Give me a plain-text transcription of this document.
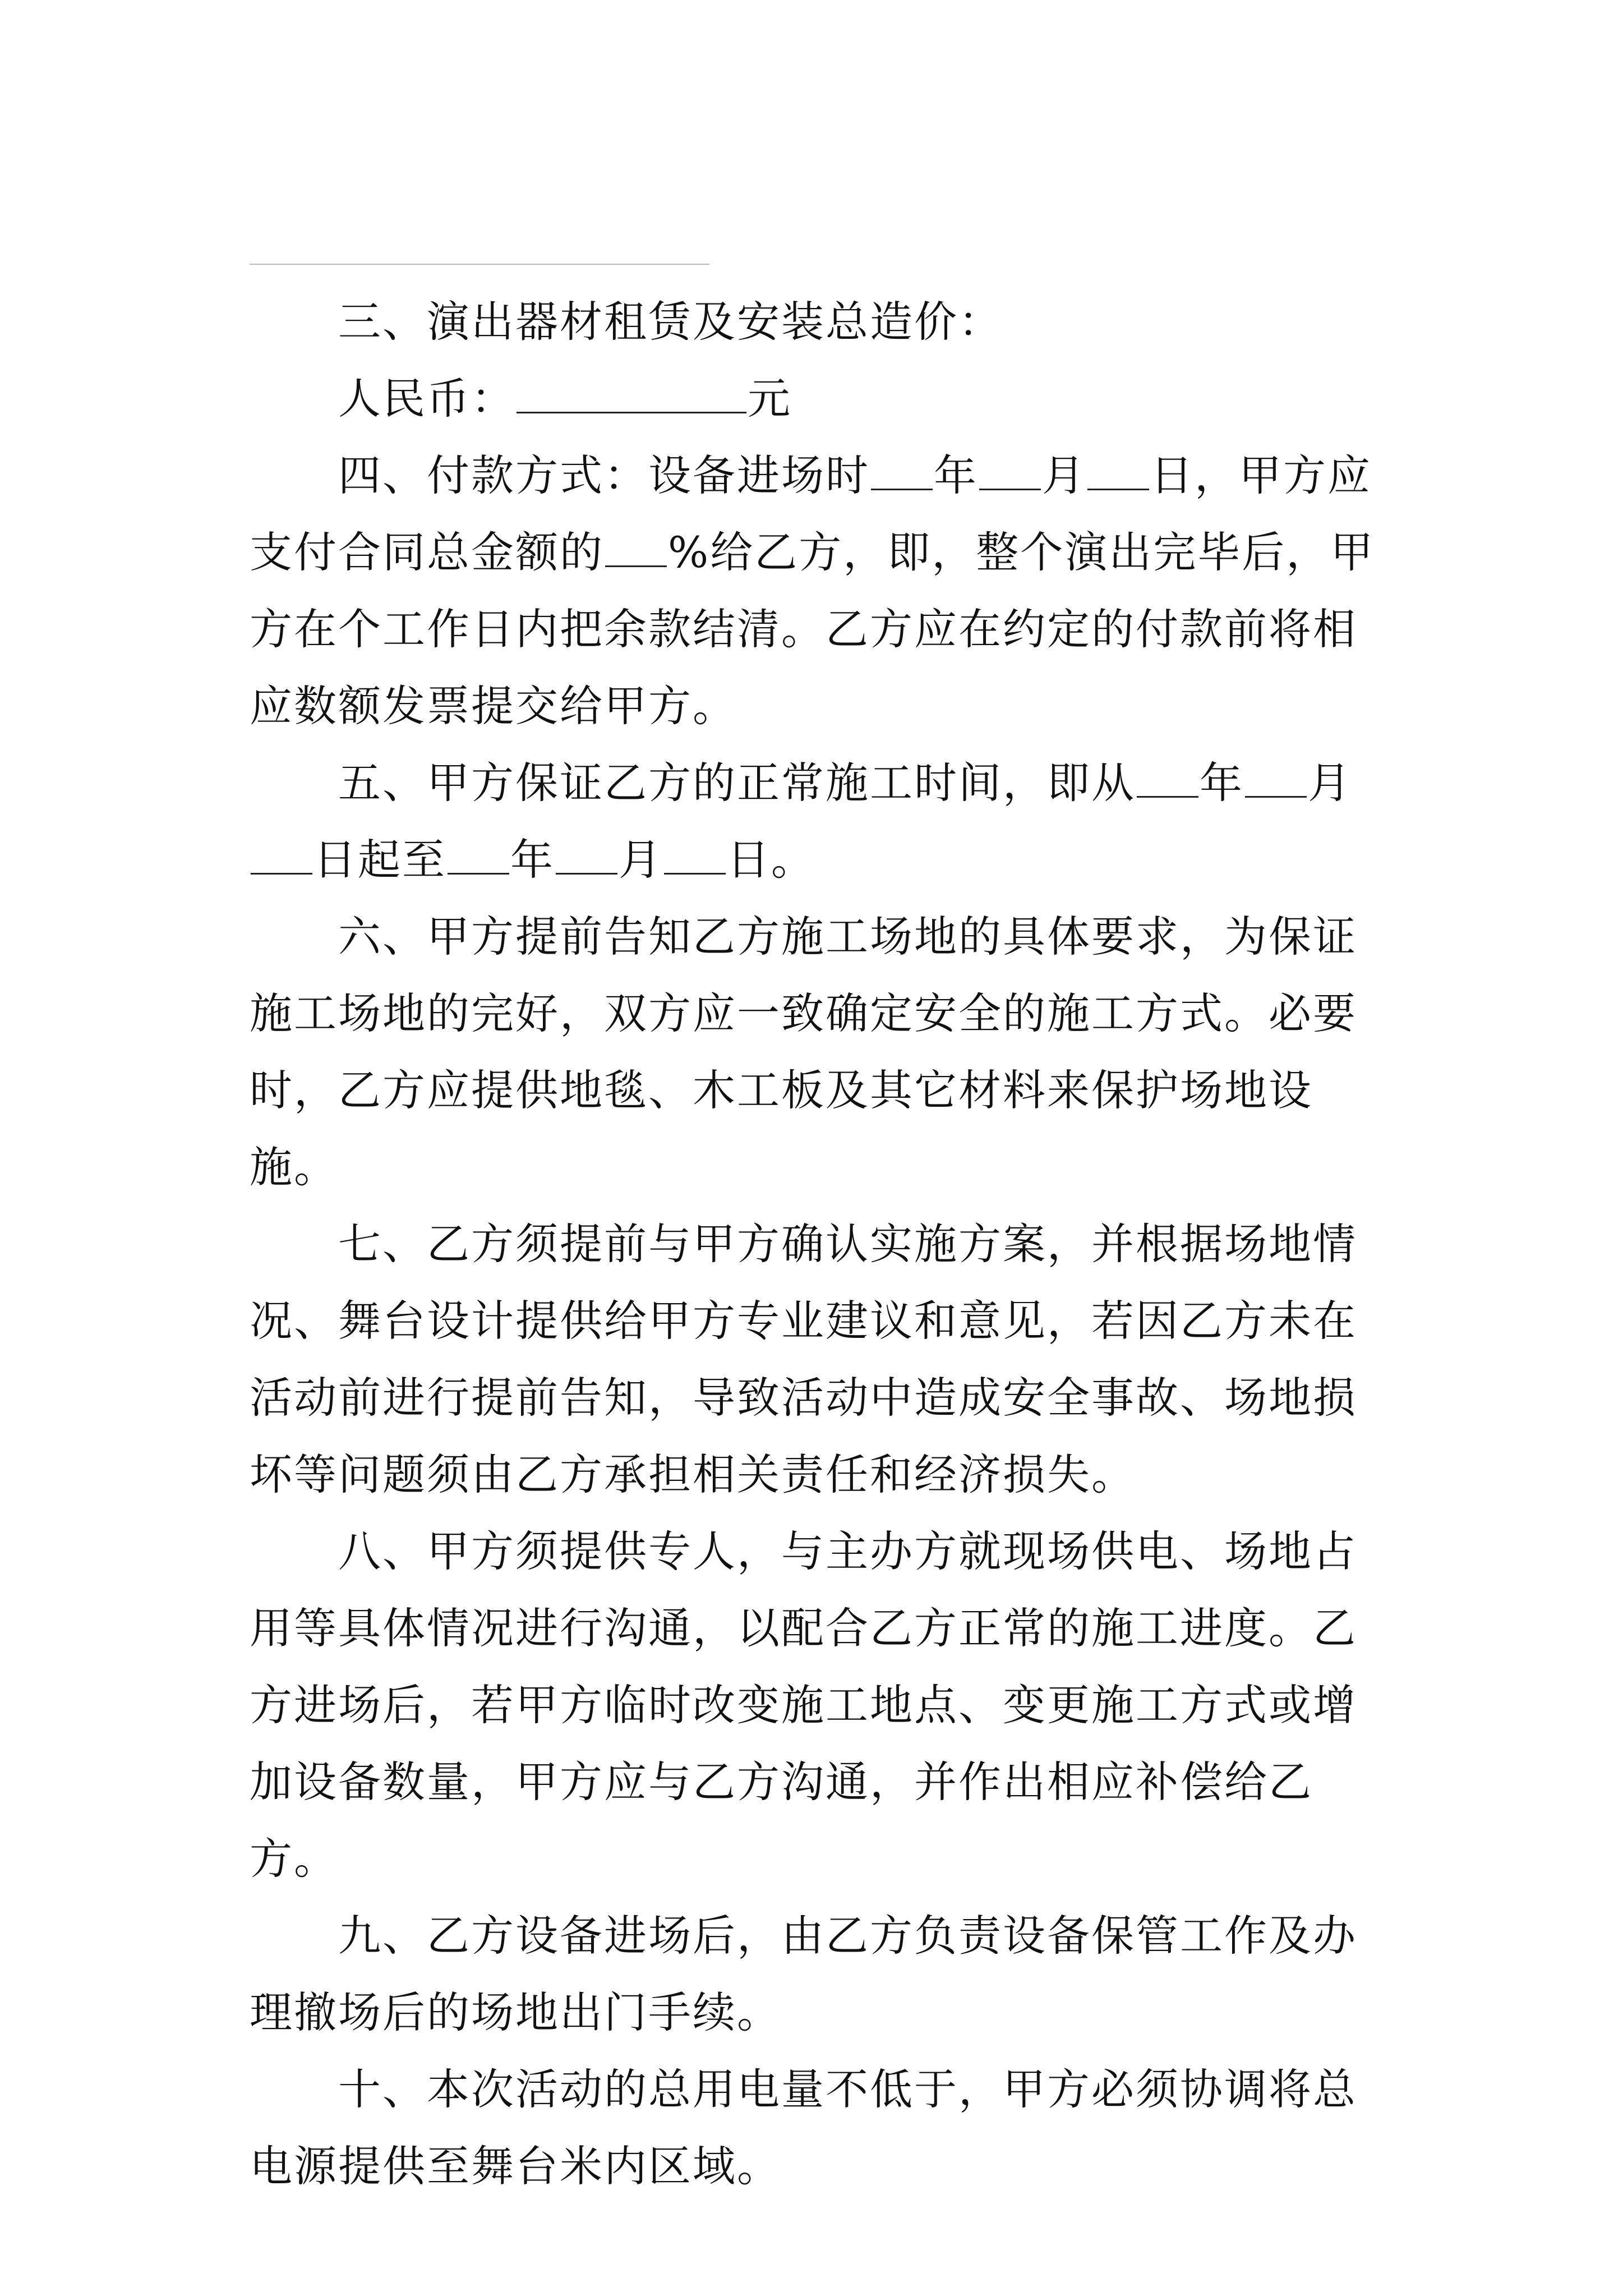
三、演出器材租赁及安装总造价：

人民币：	元

四、付款方式：设备进场时 年 月 日，甲方应支付合同总金额的 %给乙方，即，整个演出完毕后，甲方在个工作日内把余款结清。乙方应在约定的付款前将相应数额发票提交给甲方。

五、甲方保证乙方的正常施工时间，即从 年 月日起至 年 月 日。

六、甲方提前告知乙方施工场地的具体要求，为保证施工场地的完好，双方应一致确定安全的施工方式。必要时，乙方应提供地毯、木工板及其它材料来保护场地设施。

七、乙方须提前与甲方确认实施方案，并根据场地情况、舞台设计提供给甲方专业建议和意见，若因乙方未在活动前进行提前告知，导致活动中造成安全事故、场地损坏等问题须由乙方承担相关责任和经济损失。

八、甲方须提供专人，与主办方就现场供电、场地占用等具体情况进行沟通，以配合乙方正常的施工进度。乙方进场后，若甲方临时改变施工地点、变更施工方式或增加设备数量，甲方应与乙方沟通，并作出相应补偿给乙方。

九、乙方设备进场后，由乙方负责设备保管工作及办理撤场后的场地出门手续。

十、本次活动的总用电量不低于，甲方必须协调将总电源提供至舞台米内区域。
